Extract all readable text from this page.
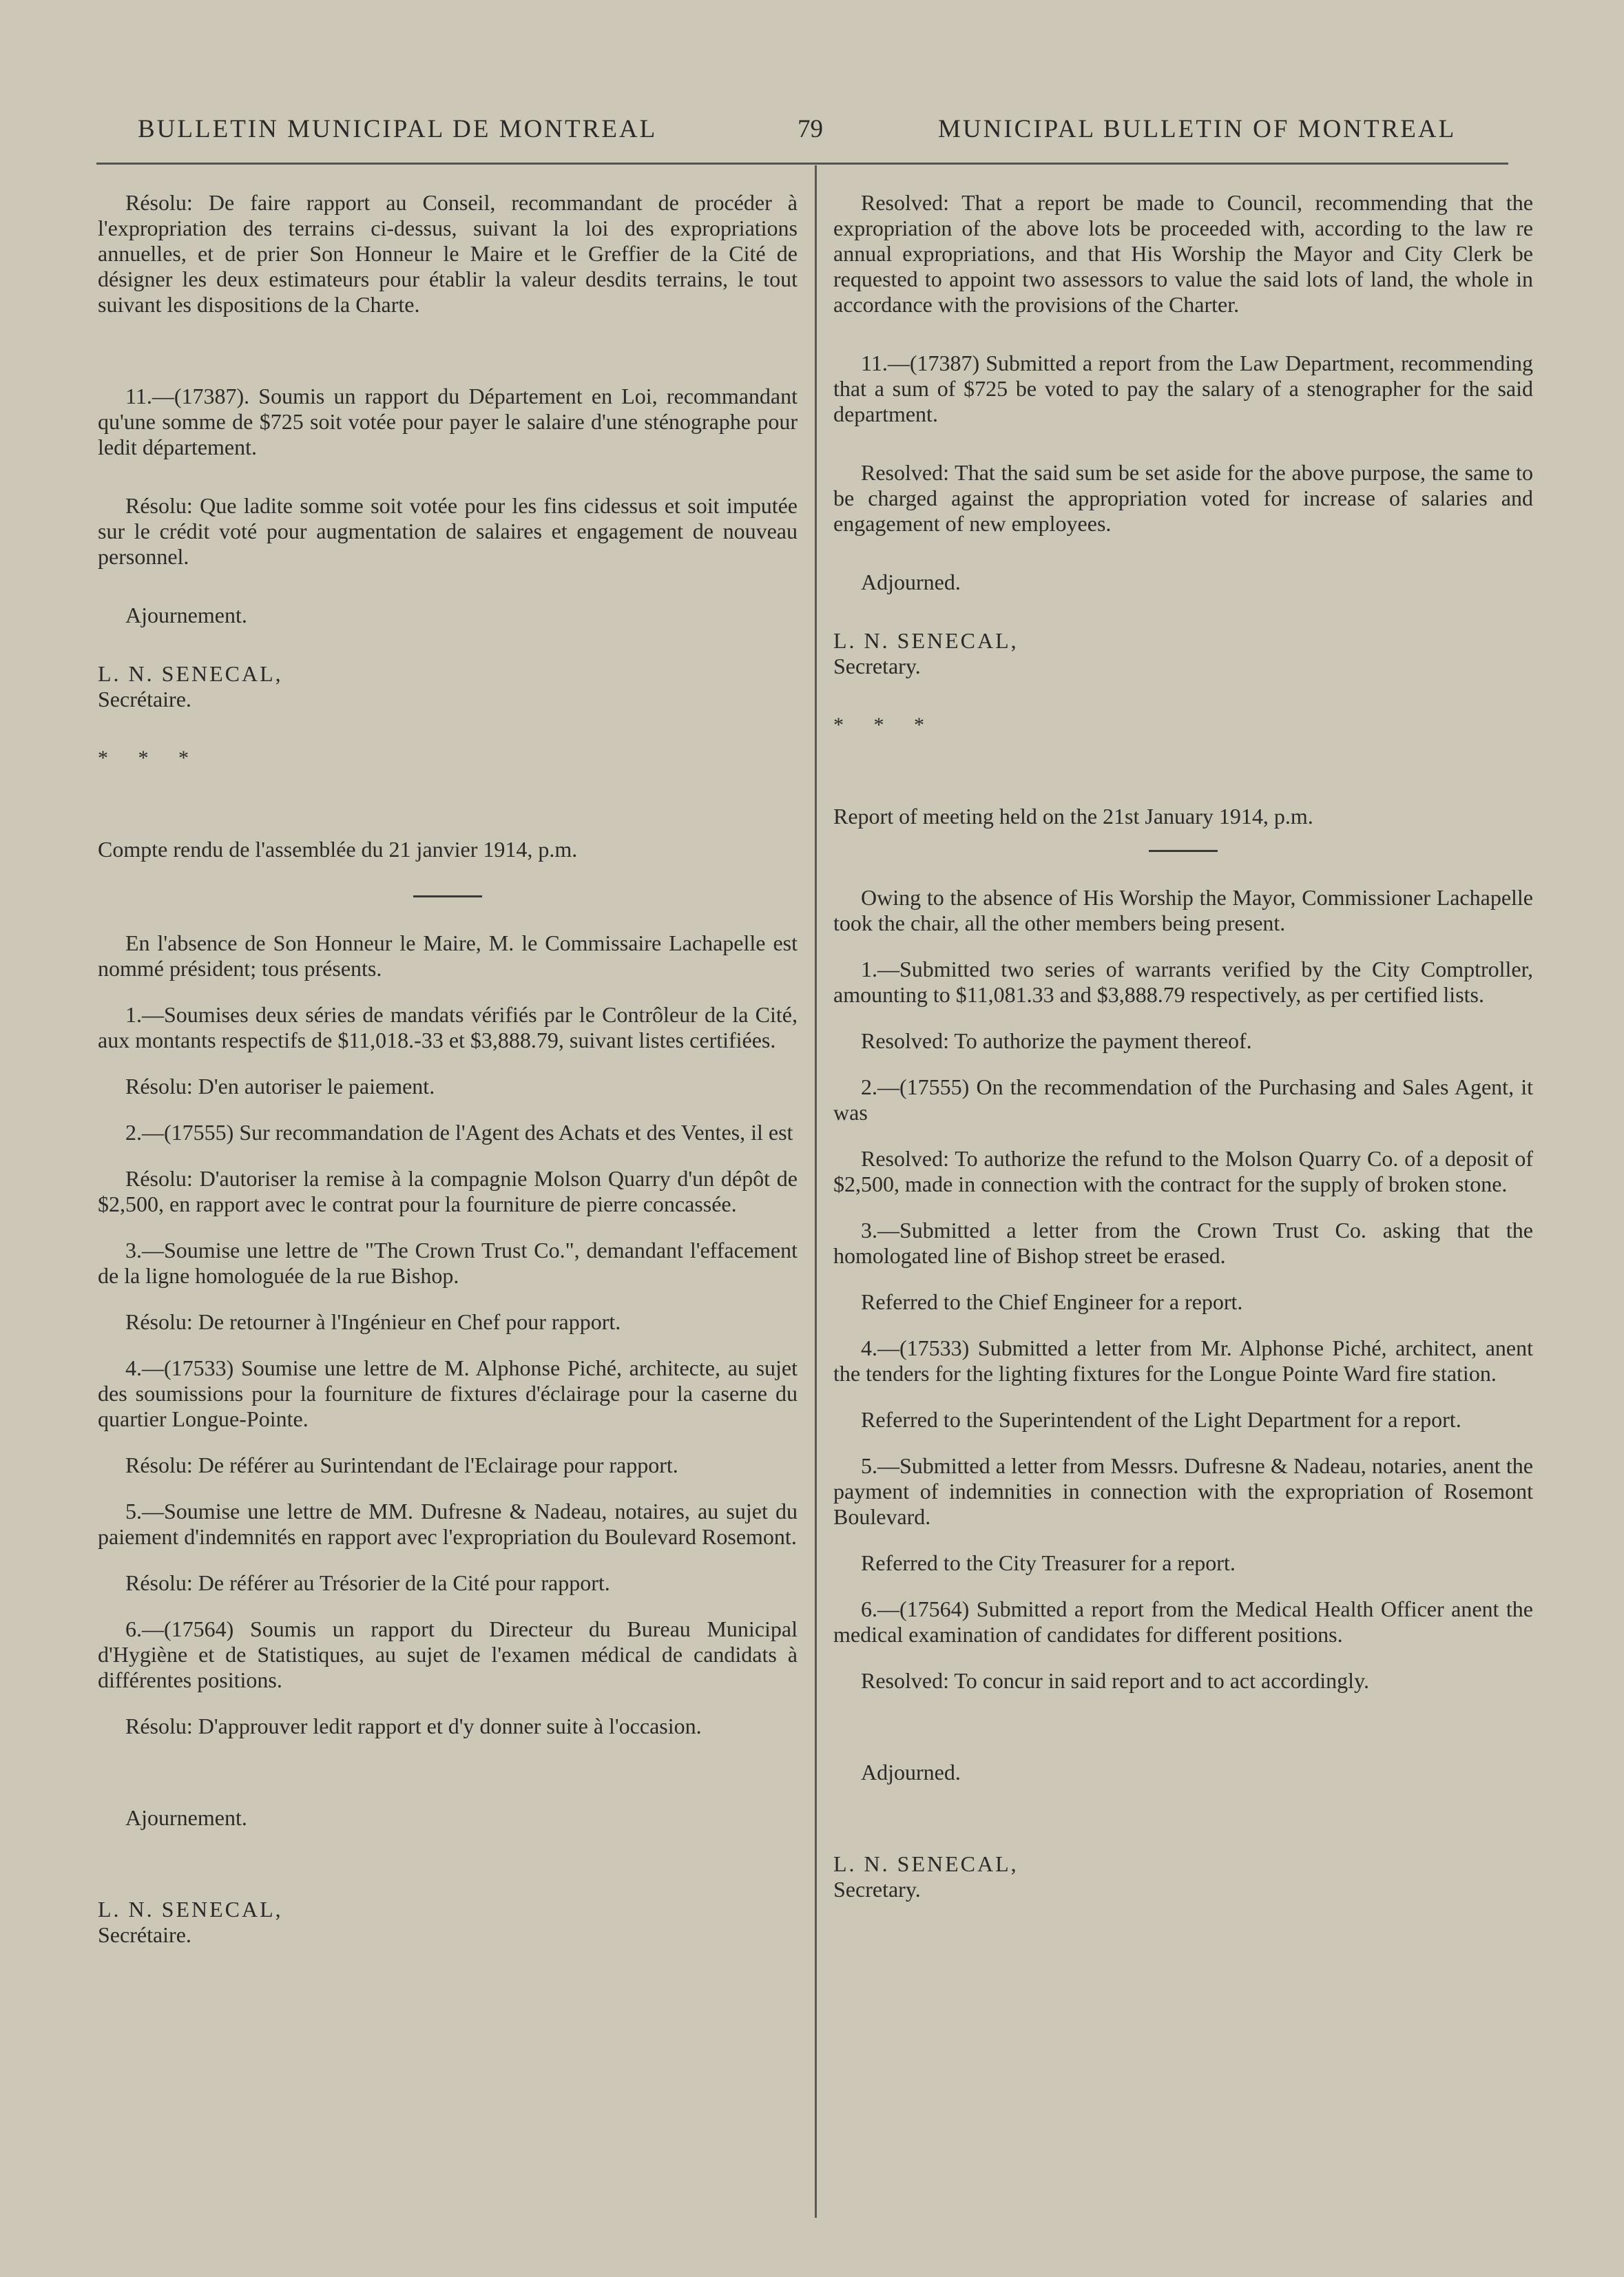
BULLETIN MUNICIPAL DE MONTREAL	79	MUNICIPAL BULLETIN OF MONTREAL

Résolu: De faire rapport au Conseil, recommandant de procéder à l'expropriation des terrains ci-dessus, suivant la loi des expropriations annuelles, et de prier Son Honneur le Maire et le Greffier de la Cité de désigner les deux estimateurs pour établir la valeur desdits terrains, le tout suivant les dispositions de la Charte.

11.—(17387). Soumis un rapport du Département en Loi, recommandant qu'une somme de $725 soit votée pour payer le salaire d'une sténographe pour ledit département.

Résolu: Que ladite somme soit votée pour les fins cidessus et soit imputée sur le crédit voté pour augmentation de salaires et engagement de nouveau personnel.

Ajournement.

L. N. SENECAL,

Secrétaire.

* * *

Compte rendu de l'assemblée du 21 janvier 1914, p.m.

En l'absence de Son Honneur le Maire, M. le Commissaire Lachapelle est nommé président; tous présents.

1.—Soumises deux séries de mandats vérifiés par le Contrôleur de la Cité, aux montants respectifs de $11,018.-33 et $3,888.79, suivant listes certifiées.

Résolu: D'en autoriser le paiement.

2.—(17555) Sur recommandation de l'Agent des Achats et des Ventes, il est

Résolu: D'autoriser la remise à la compagnie Molson Quarry d'un dépôt de $2,500, en rapport avec le contrat pour la fourniture de pierre concassée.

3.—Soumise une lettre de "The Crown Trust Co.", demandant l'effacement de la ligne homologuée de la rue Bishop.

Résolu: De retourner à l'Ingénieur en Chef pour rapport.

4.—(17533) Soumise une lettre de M. Alphonse Piché, architecte, au sujet des soumissions pour la fourniture de fixtures d'éclairage pour la caserne du quartier Longue-Pointe.

Résolu: De référer au Surintendant de l'Eclairage pour rapport.

5.—Soumise une lettre de MM. Dufresne & Nadeau, notaires, au sujet du paiement d'indemnités en rapport avec l'expropriation du Boulevard Rosemont.

Résolu: De référer au Trésorier de la Cité pour rapport.

6.—(17564) Soumis un rapport du Directeur du Bureau Municipal d'Hygiène et de Statistiques, au sujet de l'examen médical de candidats à différentes positions.

Résolu: D'approuver ledit rapport et d'y donner suite à l'occasion.

Ajournement.

L. N. SENECAL,

Secrétaire.

Resolved: That a report be made to Council, recommending that the expropriation of the above lots be proceeded with, according to the law re annual expropriations, and that His Worship the Mayor and City Clerk be requested to appoint two assessors to value the said lots of land, the whole in accordance with the provisions of the Charter.

11.—(17387) Submitted a report from the Law Department, recommending that a sum of $725 be voted to pay the salary of a stenographer for the said department.

Resolved: That the said sum be set aside for the above purpose, the same to be charged against the appropriation voted for increase of salaries and engagement of new employees.

Adjourned.

L. N. SENECAL,

Secretary.

* * *

Report of meeting held on the 21st January 1914, p.m.

Owing to the absence of His Worship the Mayor, Commissioner Lachapelle took the chair, all the other members being present.

1.—Submitted two series of warrants verified by the City Comptroller, amounting to $11,081.33 and $3,888.79 respectively, as per certified lists.

Resolved: To authorize the payment thereof.

2.—(17555) On the recommendation of the Purchasing and Sales Agent, it was

Resolved: To authorize the refund to the Molson Quarry Co. of a deposit of $2,500, made in connection with the contract for the supply of broken stone.

3.—Submitted a letter from the Crown Trust Co. asking that the homologated line of Bishop street be erased.

Referred to the Chief Engineer for a report.

4.—(17533) Submitted a letter from Mr. Alphonse Piché, architect, anent the tenders for the lighting fixtures for the Longue Pointe Ward fire station.

Referred to the Superintendent of the Light Department for a report.

5.—Submitted a letter from Messrs. Dufresne & Nadeau, notaries, anent the payment of indemnities in connection with the expropriation of Rosemont Boulevard.

Referred to the City Treasurer for a report.

6.—(17564) Submitted a report from the Medical Health Officer anent the medical examination of candidates for different positions.

Resolved: To concur in said report and to act accordingly.

Adjourned.

L. N. SENECAL,

Secretary.
